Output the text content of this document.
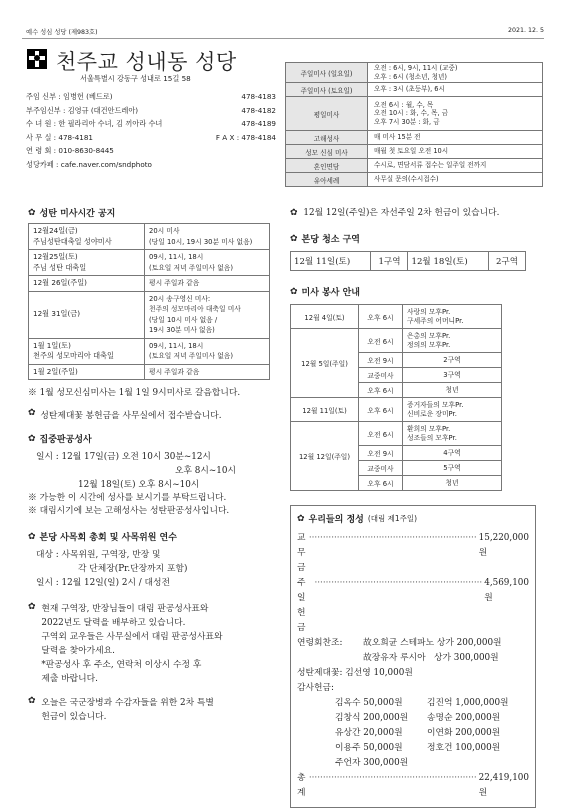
예수 성심 성당 (제983호)	2021. 12. 5
천주교 성내동 성당
서울특별시 강동구 성내로 15길 58
주임 신부 : 임병헌 (베드로)	478-4183
부주임신부 : 김영규 (대건안드레아)	478-4182
수 녀 원 : 한 필라리아 수녀, 김 끼아라 수녀	478-4189
사 무 실 : 478-4181	F A X : 478-4184
연 령 회 : 010-8630-8445
성당카페 : cafe.naver.com/sndphoto
주일미사 (일요일)	오전 : 6시, 9시, 11시 (교중)
오후 : 6시 (청소년, 청년)
주일미사 (토요일)	오후 : 3시 (초등부), 6시
평일미사	오전 6시 : 월, 수, 목
오전 10시 : 화, 수, 목, 금
오후 7시 30분 : 화, 금
고해성사	매 미사 15분 전
성모 신심 미사	매월 첫 토요일 오전 10시
혼인면담	수시로, 면담서류 접수는 일주일 전까지
유아세례	사무실 문의(수시접수)
✿ 성탄 미사시간 공지
12월24일(금)
주님성탄대축일 성야미사	20시 미사
(당일 10시, 19시 30분 미사 없음)
12월25일(토)
주님 성탄 대축일	09시, 11시, 18시
(토요일 저녁 주일미사 없음)
12월 26일(주일)	평시 주일과 같음
12월 31일(금)	20시 송구영신 미사:
천주의 성모마리아 대축일 미사
(당일 10시 미사 없음 /
19시 30분 미사 없음)
1월 1일(토)
천주의 성모마리아 대축일	09시, 11시, 18시
(토요일 저녁 주일미사 없음)
1월 2일(주일)	평시 주일과 같음
※ 1월 성모신심미사는 1월 1일 9시미사로 갈음합니다.
✿ 성탄제대꽃 봉헌금을 사무실에서 접수받습니다.
✿ 집중판공성사
일시 : 12월 17일(금) 오전 10시 30분~12시
오후 8시~10시
12월 18일(토) 오후 8시~10시
※ 가능한 이 시간에 성사를 보시기를 부탁드립니다.
※ 대림시기에 보는 고해성사는 성탄판공성사입니다.
✿ 본당 사목회 총회 및 사목위원 연수
대상 : 사목위원, 구역장, 반장 및
각 단체장(Pr.단장까지 포함)
일시 : 12월 12일(일) 2시 / 대성전
✿ 현재 구역장, 반장님들이 대림 판공성사표와
2022년도 달력을 배부하고 있습니다.
구역외 교우들은 사무실에서 대림 판공성사표와
달력을 찾아가세요.
*판공성사 후 주소, 연락처 이상시 수정 후
제출 바랍니다.
✿ 오늘은 국군장병과 수감자들을 위한 2차 특별
헌금이 있습니다.
✿ 12월 12일(주일)은 자선주일 2차 헌금이 있습니다.
✿ 본당 청소 구역
12월 11일(토)	1구역	12월 18일(토)	2구역
✿ 미사 봉사 안내
12월 4일(토)	오후 6시	사랑의 모후Pr.
구세주의 어머니Pr.
12월 5일(주일)	오전 6시	은총의 모후Pr.
정의의 모후Pr.
	오전 9시	2구역
	교중미사	3구역
	오후 6시	청년
12월 11일(토)	오후 6시	증거자들의 모후Pr.
신비로운 장미Pr.
12월 12일(주일)	오전 6시	환희의 모후Pr.
성조들의 모후Pr.
	오전 9시	4구역
	교중미사	5구역
	오후 6시	청년
✿ 우리들의 정성 (대림 제1주일)
교무금
···························································· 15,220,000원
주일헌금
···························································· 4,569,100원
연령회찬조:	故오희균 스테파노 상가 200,000원
故장유자 루시아   상가 300,000원
성탄제대꽃: 김선영 10,000원
감사헌금:
김옥수 50,000원	김진억 1,000,000원
김창식 200,000원	송명순 200,000원
유상간 20,000원	이연화 200,000원
이용주 50,000원	정호건 100,000원
주언자 300,000원
총계
···························································· 22,419,100원
